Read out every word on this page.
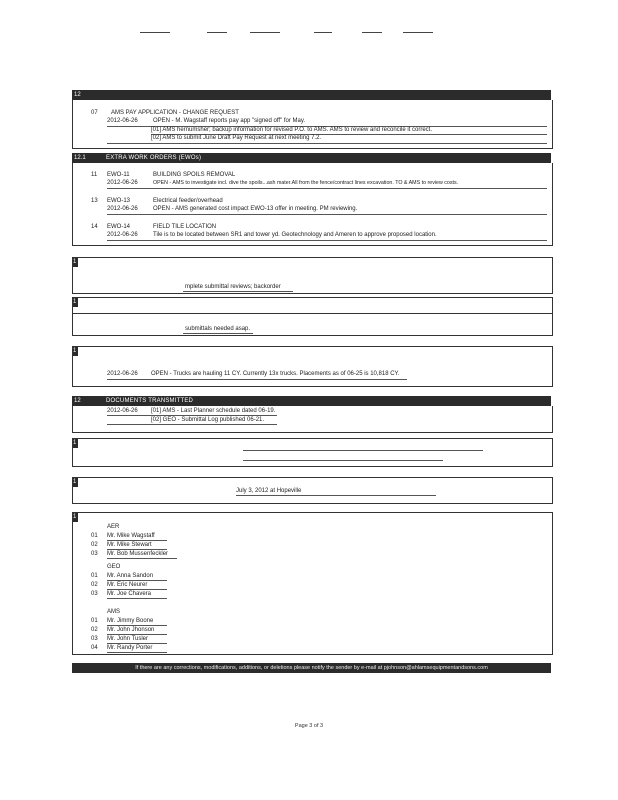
12
07 AMS PAY APPLICATION - CHANGE REQUEST
2012-06-26	OPEN - M. Wagstaff reports pay app "signed off" for May.
[01] AMS hernumsher; backup information for revised P.O. to AMS. AMS to review and reconcile it correct.
[02] AMS to submit June Draft Pay Request at next meeting 7.2.
12.1	EXTRA WORK ORDERS (EWOs)
11 EWO-11	BUILDING SPOILS REMOVAL
2012-06-26	OPEN - AMS to investigate incl. dive the spoils...ash mater.All from the fence/contract lines excavation. TO & AMS to review costs.
13 EWO-13	Electrical feeder/overhead
2012-06-26	OPEN - AMS generated cost impact EWO-13 offer in meeting. PM reviewing.
14 EWO-14	FIELD TILE LOCATION
2012-06-26	Tile is to be located between SR1 and tower yd. Geotechnology and Ameren to approve proposed location.
1
mplete submittal reviews; backorder
1
submittals needed asap.
1
2012-06-26 OPEN - Trucks are hauling 11 CY. Currently 13x trucks. Placements as of 06-25 is 10,818 CY.
12	DOCUMENTS TRANSMITTED
2012-06-26 [01] AMS - Last Planner schedule dated 06-19.
[02] GEO - Submittal Log published 06-21.
1
1
July 3, 2012 at Hopeville
1
AER
01 Mr. Mike Wagstaff
02 Mr. Mike Stewart
03 Mr. Bob Mussenfeckler
GEO
01 Mr. Anna Sandon
02 Mr. Eric Neurer
03 Mr. Joe Chavera
AMS
01 Mr. Jimmy Boone
02 Mr. John Jhonson
03 Mr. John Tusler
04 Mr. Randy Porter
If there are any corrections, modifications, additions, or deletions please notify the sender by e-mail at pjohnson@ahlamsequipmentandsons.com
Page 3 of 3
